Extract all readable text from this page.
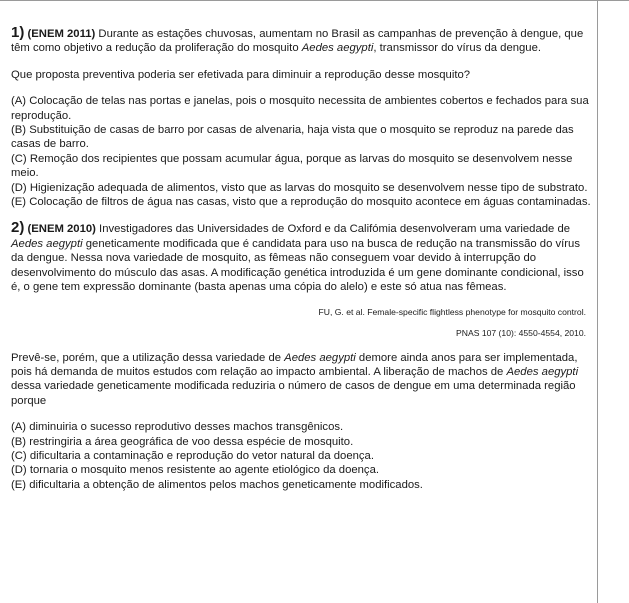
1) (ENEM 2011) Durante as estações chuvosas, aumentam no Brasil as campanhas de prevenção à dengue, que têm como objetivo a redução da proliferação do mosquito Aedes aegypti, transmissor do vírus da dengue.

Que proposta preventiva poderia ser efetivada para diminuir a reprodução desse mosquito?

(A) Colocação de telas nas portas e janelas, pois o mosquito necessita de ambientes cobertos e fechados para sua reprodução.

(B) Substituição de casas de barro por casas de alvenaria, haja vista que o mosquito se reproduz na parede das casas de barro.

(C) Remoção dos recipientes que possam acumular água, porque as larvas do mosquito se desenvolvem nesse meio.

(D) Higienização adequada de alimentos, visto que as larvas do mosquito se desenvolvem nesse tipo de substrato.

(E) Colocação de filtros de água nas casas, visto que a reprodução do mosquito acontece em águas contaminadas.

2) (ENEM 2010) Investigadores das Universidades de Oxford e da Califómia desenvolveram uma variedade de Aedes aegypti geneticamente modificada que é candidata para uso na busca de redução na transmissão do vírus da dengue. Nessa nova variedade de mosquito, as fêmeas não conseguem voar devido à interrupção do desenvolvimento do músculo das asas. A modificação genética introduzida é um gene dominante condicional, isso é, o gene tem expressão dominante (basta apenas uma cópia do alelo) e este só atua nas fêmeas.

FU, G. et al. Female-specific flightless phenotype for mosquito control.

PNAS 107 (10): 4550-4554, 2010.

Prevê-se, porém, que a utilização dessa variedade de Aedes aegypti demore ainda anos para ser implementada, pois há demanda de muitos estudos com relação ao impacto ambiental. A liberação de machos de Aedes aegypti dessa variedade geneticamente modificada reduziria o número de casos de dengue em uma determinada região porque

(A) diminuiria o sucesso reprodutivo desses machos transgênicos.

(B) restringiria a área geográfica de voo dessa espécie de mosquito.

(C) dificultaria a contaminação e reprodução do vetor natural da doença.

(D) tornaria o mosquito menos resistente ao agente etiológico da doença.

(E) dificultaria a obtenção de alimentos pelos machos geneticamente modificados.
